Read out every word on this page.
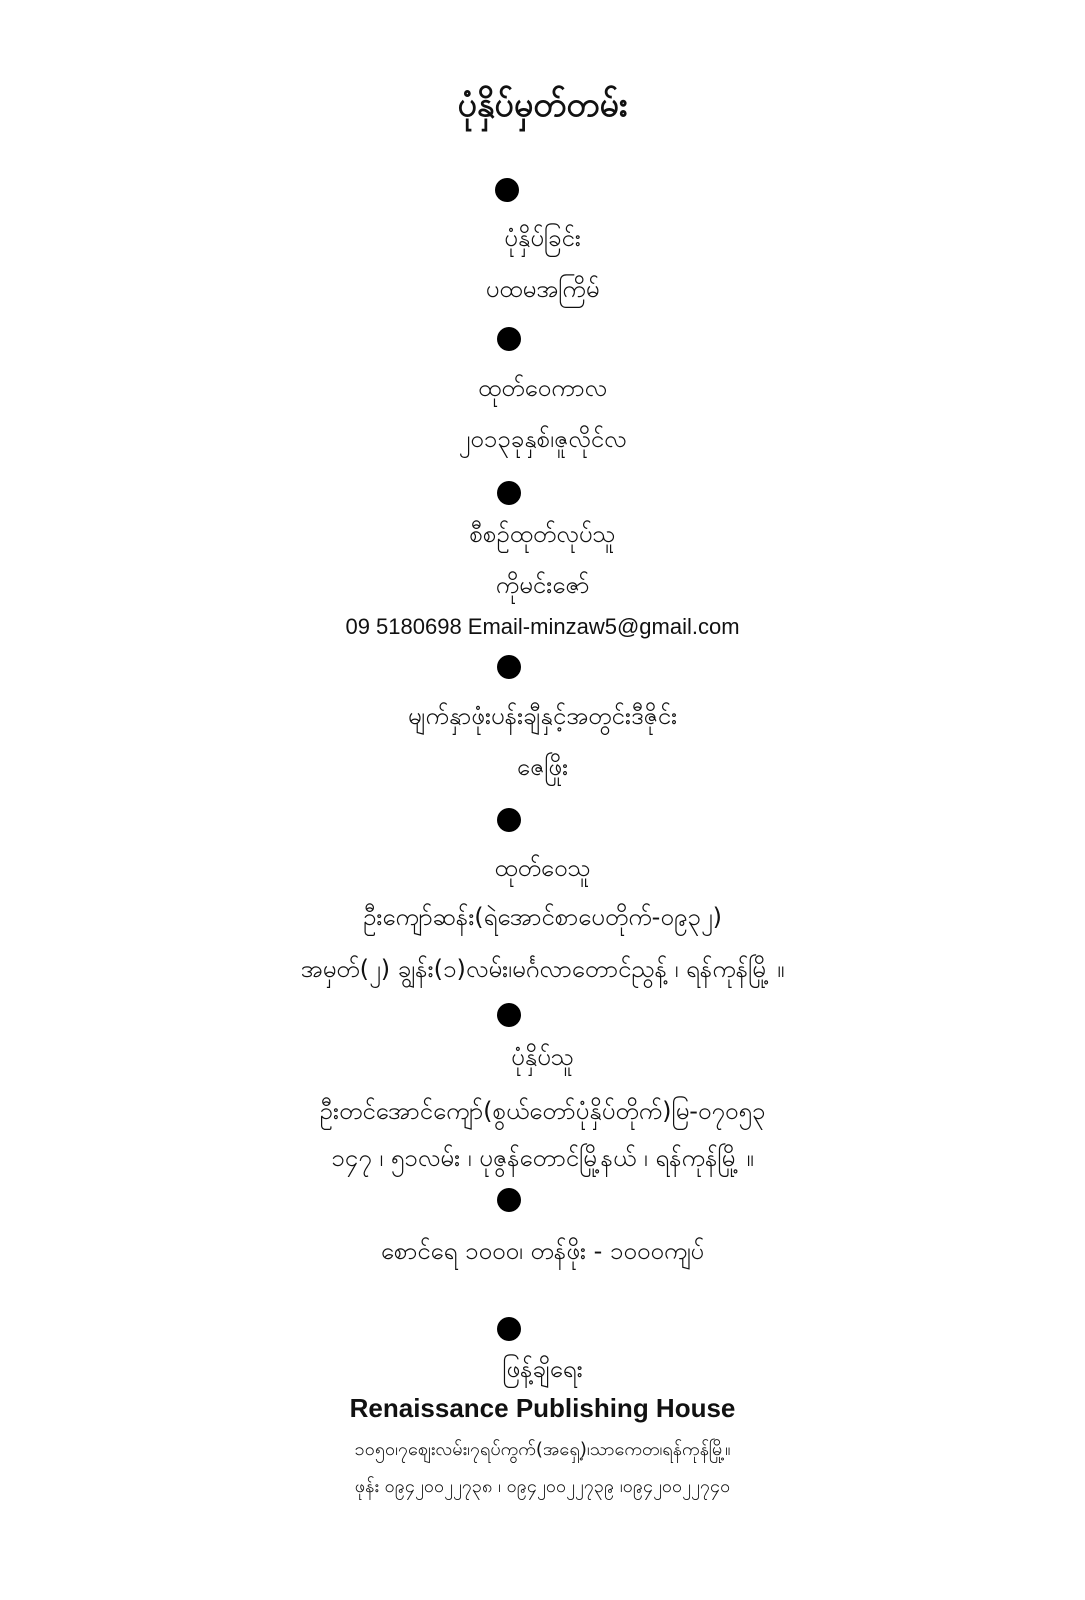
ပုံနှိပ်မှတ်တမ်း
ပုံနှိပ်ခြင်း
ပထမအကြိမ်
ထုတ်ဝေကာလ
၂၀၁၃ခုနှစ်၊ဇူလိုင်လ
စီစဉ်ထုတ်လုပ်သူ
ကိုမင်းဇော်
09 5180698 Email-minzaw5@gmail.com
မျက်နှာဖုံးပန်းချီနှင့်အတွင်းဒီဇိုင်း
ဇေဖြိုး
ထုတ်ဝေသူ
ဦးကျော်ဆန်း(ရဲအောင်စာပေတိုက်-၀၉၃၂)
အမှတ်(၂) ချွန်း(၁)လမ်း၊မင်္ဂလာတောင်ညွန့် ၊ ရန်ကုန်မြို့ ။
ပုံနှိပ်သူ
ဦးတင်အောင်ကျော်(စွယ်တော်ပုံနှိပ်တိုက်)မြ-၀၇၀၅၃
၁၄၇ ၊ ၅၁လမ်း ၊ ပုဇွန်တောင်မြို့နယ် ၊ ရန်ကုန်မြို့ ။
စောင်ရေ ၁၀၀၀၊ တန်ဖိုး - ၁၀၀၀ကျပ်
ဖြန့်ချိရေး
Renaissance Publishing House
၁၀၅၀၊၇စျေးလမ်း၊၇ရပ်ကွက်(အရှေ့)၊သာကေတ၊ရန်ကုန်မြို့။
ဖုန်း ၀၉၄၂၀၀၂၂၇၃၈ ၊ ၀၉၄၂၀၀၂၂၇၃၉ ၊၀၉၄၂၀၀၂၂၇၄၀
